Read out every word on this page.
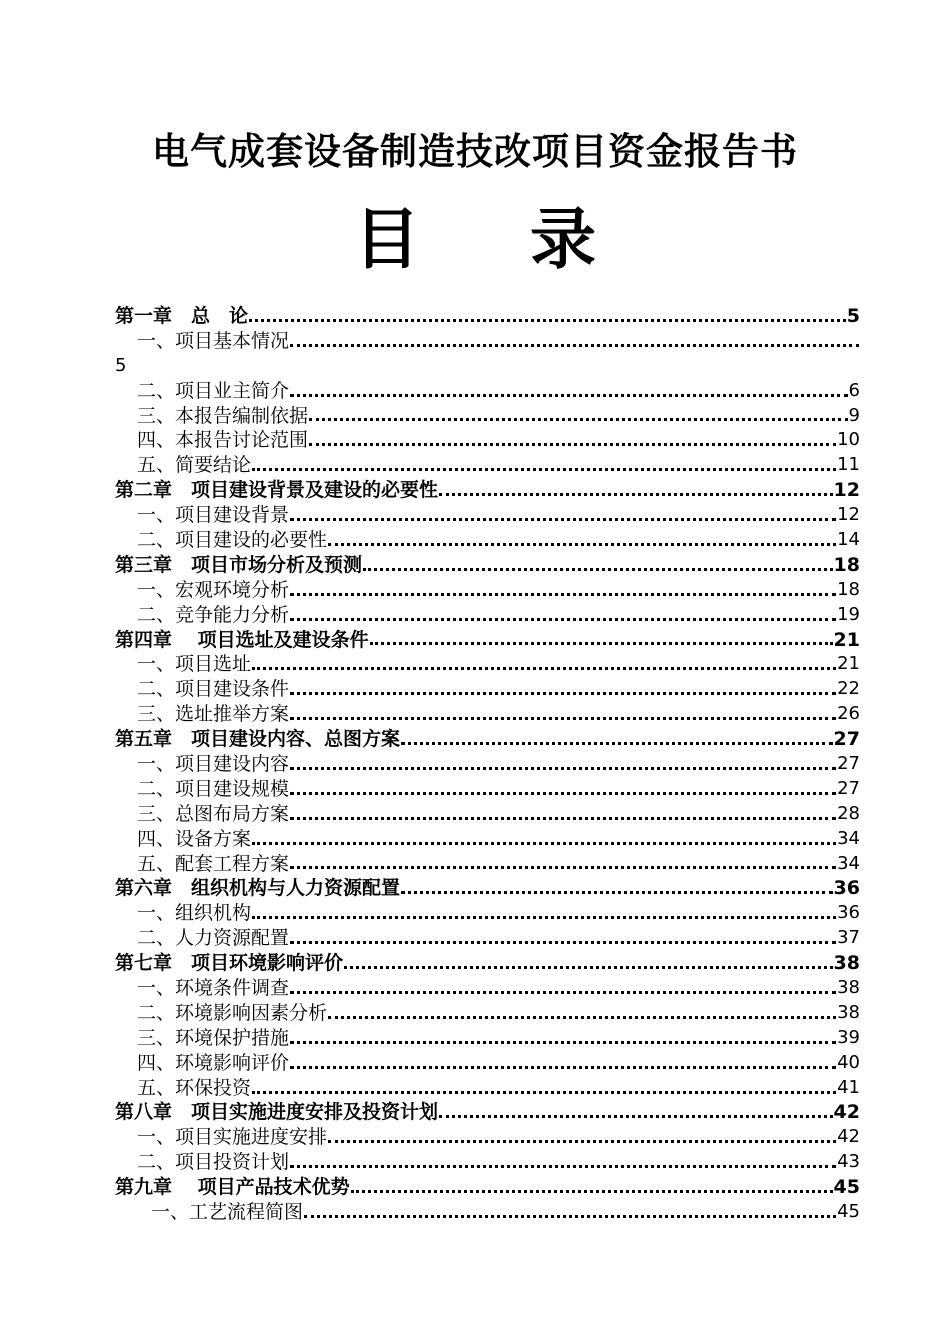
电气成套设备制造技改项目资金报告书
目 录
第一章　总　论	5
一、项目基本情况
5
二、项目业主简介	6
三、本报告编制依据	9
四、本报告讨论范围	10
五、简要结论	11
第二章　项目建设背景及建设的必要性	12
一、项目建设背景	12
二、项目建设的必要性	14
第三章　项目市场分析及预测	18
一、宏观环境分析	18
二、竞争能力分析	19
第四章　 项目选址及建设条件	21
一、项目选址	21
二、项目建设条件	22
三、选址推举方案	26
第五章　项目建设内容、总图方案	27
一、项目建设内容	27
二、项目建设规模	27
三、总图布局方案	28
四、设备方案	34
五、配套工程方案	34
第六章　组织机构与人力资源配置	36
一、组织机构	36
二、人力资源配置	37
第七章　项目环境影响评价	38
一、环境条件调查	38
二、环境影响因素分析	38
三、环境保护措施	39
四、环境影响评价	40
五、环保投资	41
第八章　项目实施进度安排及投资计划	42
一、项目实施进度安排	42
二、项目投资计划	43
第九章　 项目产品技术优势	45
一、工艺流程简图	45
